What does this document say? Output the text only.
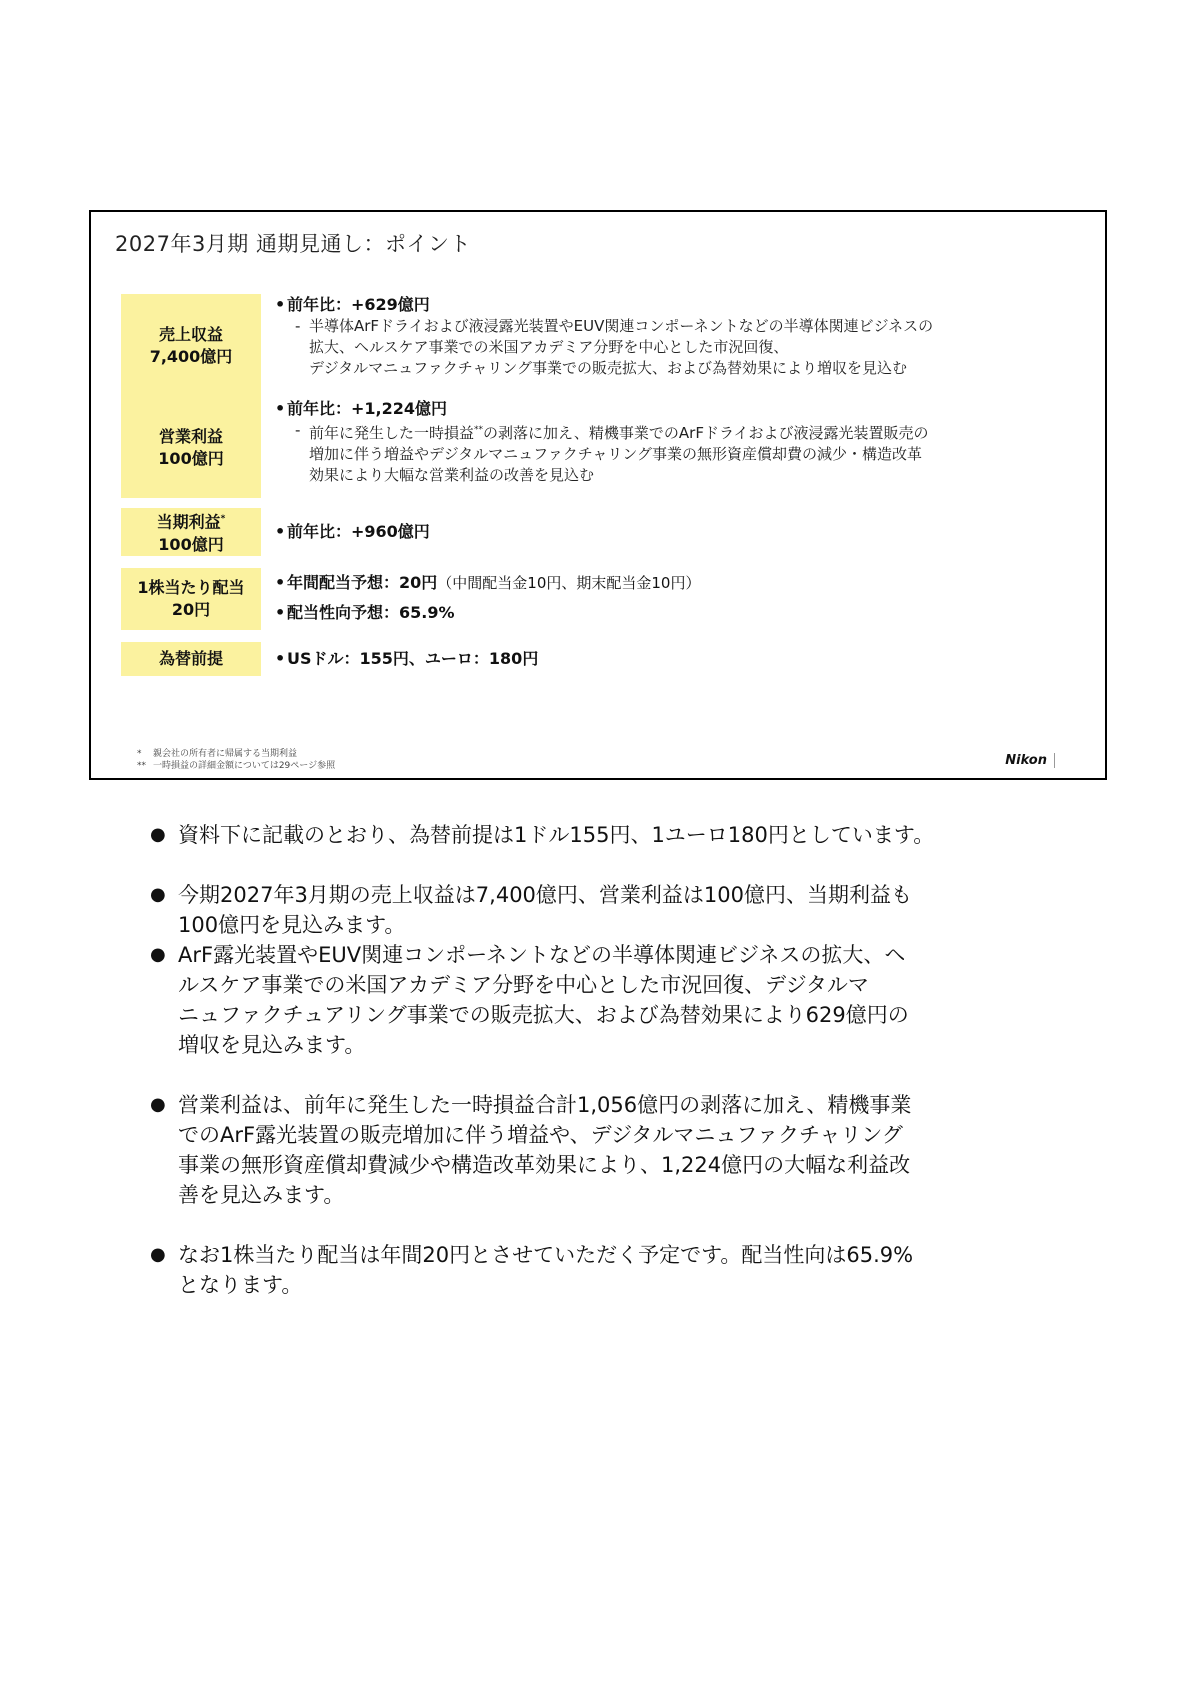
2027年3月期 通期見通し：ポイント
売上収益
7,400億円
• 前年比：+629億円
- 半導体ArFドライおよび液浸露光装置やEUV関連コンポーネントなどの半導体関連ビジネスの
拡大、ヘルスケア事業での米国アカデミア分野を中心とした市況回復、
デジタルマニュファクチャリング事業での販売拡大、および為替効果により増収を見込む
営業利益
100億円
• 前年比：+1,224億円
- 前年に発生した一時損益**の剥落に加え、精機事業でのArFドライおよび液浸露光装置販売の
増加に伴う増益やデジタルマニュファクチャリング事業の無形資産償却費の減少・構造改革
効果により大幅な営業利益の改善を見込む
当期利益*
100億円
• 前年比：+960億円
1株当たり配当
20円
• 年間配当予想：20円（中間配当金10円、期末配当金10円）
• 配当性向予想：65.9%
為替前提	• USドル：155円、ユーロ：180円
* 親会社の所有者に帰属する当期利益
** 一時損益の詳細金額については29ページ参照	Nikon
● 資料下に記載のとおり、為替前提は1ドル155円、1ユーロ180円としています。
● 今期2027年3月期の売上収益は7,400億円、営業利益は100億円、当期利益も
100億円を見込みます。
● ArF露光装置やEUV関連コンポーネントなどの半導体関連ビジネスの拡大、ヘ
ルスケア事業での米国アカデミア分野を中心とした市況回復、デジタルマ
ニュファクチュアリング事業での販売拡大、および為替効果により629億円の
増収を見込みます。
● 営業利益は、前年に発生した一時損益合計1,056億円の剥落に加え、精機事業
でのArF露光装置の販売増加に伴う増益や、デジタルマニュファクチャリング
事業の無形資産償却費減少や構造改革効果により、1,224億円の大幅な利益改
善を見込みます。
● なお1株当たり配当は年間20円とさせていただく予定です。配当性向は65.9%
となります。
